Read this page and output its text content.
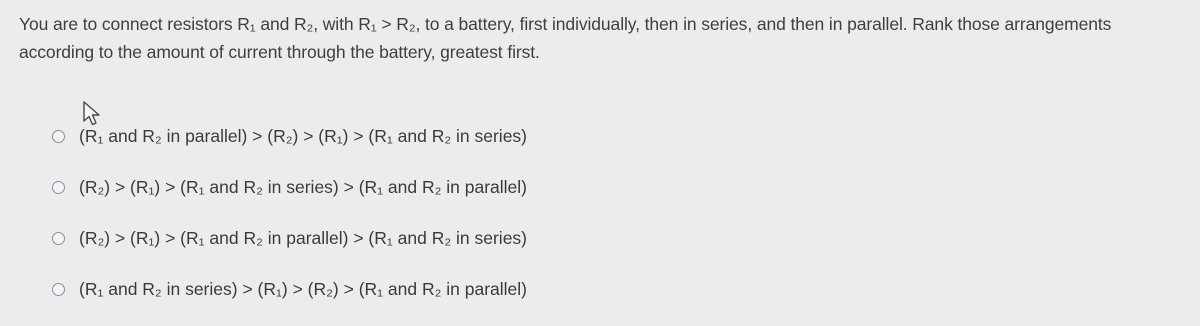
You are to connect resistors R₁ and R₂, with R₁ > R₂, to a battery, first individually, then in series, and then in parallel. Rank those arrangements according to the amount of current through the battery, greatest first.
(R₁ and R₂ in parallel) > (R₂) > (R₁) > (R₁ and R₂ in series)
(R₂) > (R₁) > (R₁ and R₂ in series) > (R₁ and R₂ in parallel)
(R₂) > (R₁) > (R₁ and R₂ in parallel) > (R₁ and R₂ in series)
(R₁ and R₂ in series) > (R₁) > (R₂) > (R₁ and R₂ in parallel)
